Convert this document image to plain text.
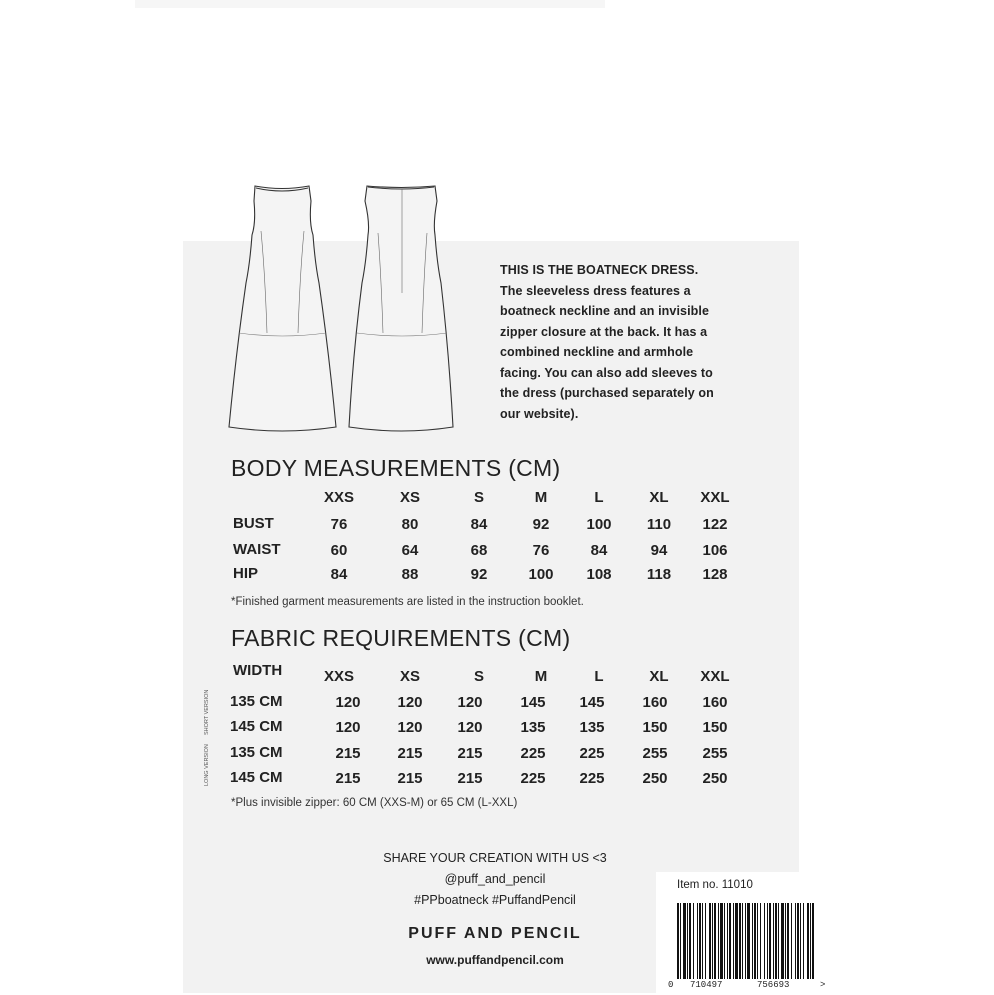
THIS IS THE BOATNECK DRESS.
The sleeveless dress features a
boatneck neckline and an invisible
zipper closure at the back. It has a
combined neckline and armhole
facing. You can also add sleeves to
the dress (purchased separately on
our website).
BODY MEASUREMENTS (CM)
XXS	XS	S	M	L	XL	XXL
BUST	76	80	84	92	100	110	122
WAIST	60	64	68	76	84	94	106
HIP	84	88	92	100	108	118	128
*Finished garment measurements are listed in the instruction booklet.
FABRIC REQUIREMENTS (CM)
WIDTH	XXS	XS	S	M	L	XL	XXL
SHORT VERSION
LONG VERSION
135 CM	120	120	120	145	145	160	160
145 CM	120	120	120	135	135	150	150
135 CM	215	215	215	225	225	255	255
145 CM	215	215	215	225	225	250	250
*Plus invisible zipper: 60 CM (XXS-M) or 65 CM (L-XXL)
SHARE YOUR CREATION WITH US <3
@puff_and_pencil
#PPboatneck #PuffandPencil
PUFF AND PENCIL
www.puffandpencil.com
Item no. 11010
0 710497	756693	>
